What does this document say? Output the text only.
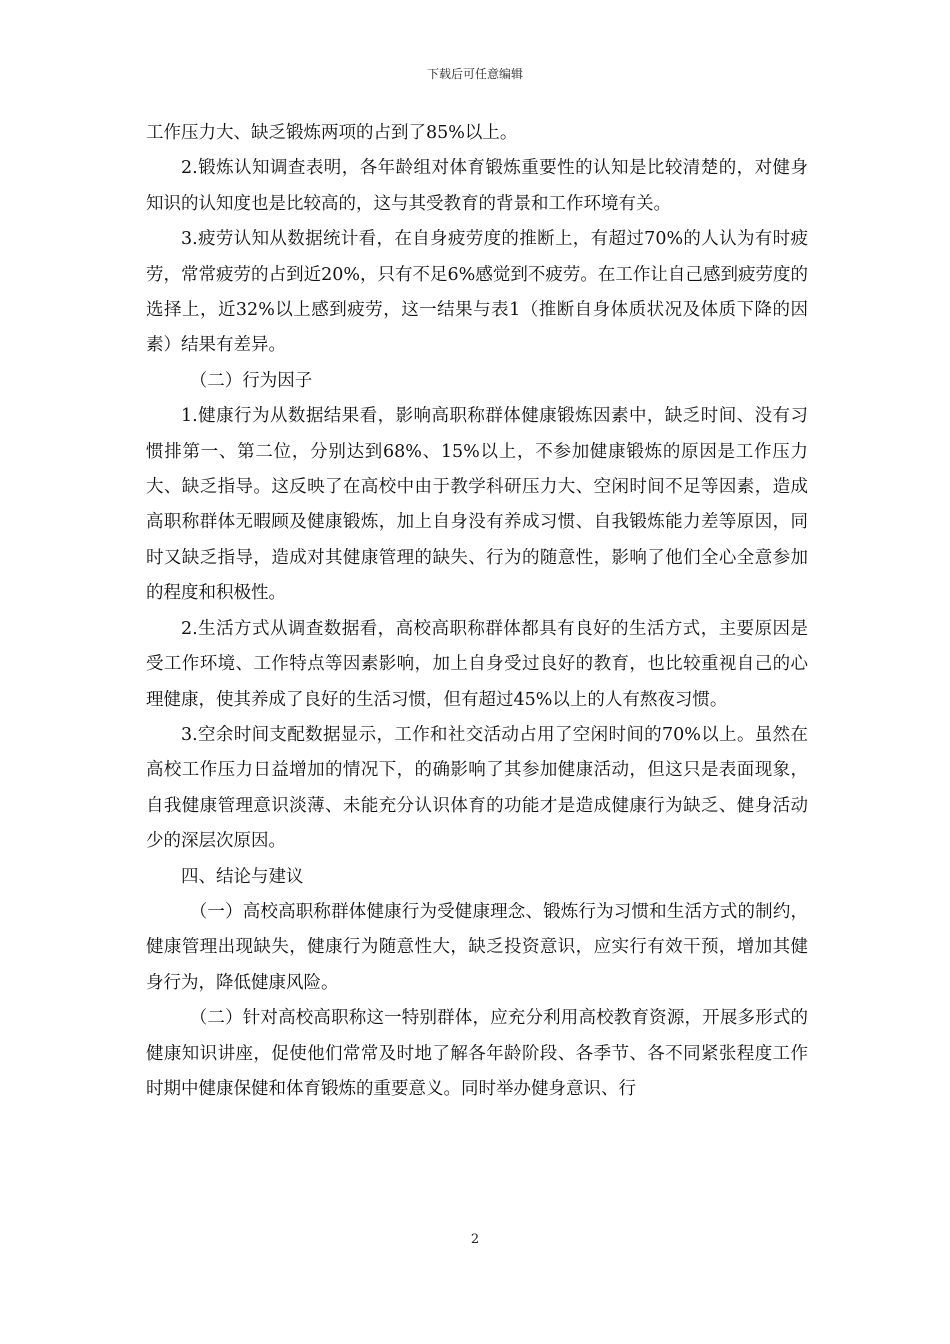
下载后可任意编辑

工作压力大、缺乏锻炼两项的占到了85%以上。

2.锻炼认知调查表明，各年龄组对体育锻炼重要性的认知是比较清楚的，对健身知识的认知度也是比较高的，这与其受教育的背景和工作环境有关。

3.疲劳认知从数据统计看，在自身疲劳度的推断上，有超过70%的人认为有时疲劳，常常疲劳的占到近20%，只有不足6%感觉到不疲劳。在工作让自己感到疲劳度的选择上，近32%以上感到疲劳，这一结果与表1（推断自身体质状况及体质下降的因素）结果有差异。

（二）行为因子

1.健康行为从数据结果看，影响高职称群体健康锻炼因素中，缺乏时间、没有习惯排第一、第二位，分别达到68%、15%以上，不参加健康锻炼的原因是工作压力大、缺乏指导。这反映了在高校中由于教学科研压力大、空闲时间不足等因素，造成高职称群体无暇顾及健康锻炼，加上自身没有养成习惯、自我锻炼能力差等原因，同时又缺乏指导，造成对其健康管理的缺失、行为的随意性，影响了他们全心全意参加的程度和积极性。

2.生活方式从调查数据看，高校高职称群体都具有良好的生活方式，主要原因是受工作环境、工作特点等因素影响，加上自身受过良好的教育，也比较重视自己的心理健康，使其养成了良好的生活习惯，但有超过45%以上的人有熬夜习惯。

3.空余时间支配数据显示，工作和社交活动占用了空闲时间的70%以上。虽然在高校工作压力日益增加的情况下，的确影响了其参加健康活动，但这只是表面现象，自我健康管理意识淡薄、未能充分认识体育的功能才是造成健康行为缺乏、健身活动少的深层次原因。

四、结论与建议

（一）高校高职称群体健康行为受健康理念、锻炼行为习惯和生活方式的制约，健康管理出现缺失，健康行为随意性大，缺乏投资意识，应实行有效干预，增加其健身行为，降低健康风险。

（二）针对高校高职称这一特别群体，应充分利用高校教育资源，开展多形式的健康知识讲座，促使他们常常及时地了解各年龄阶段、各季节、各不同紧张程度工作时期中健康保健和体育锻炼的重要意义。同时举办健身意识、行

2
